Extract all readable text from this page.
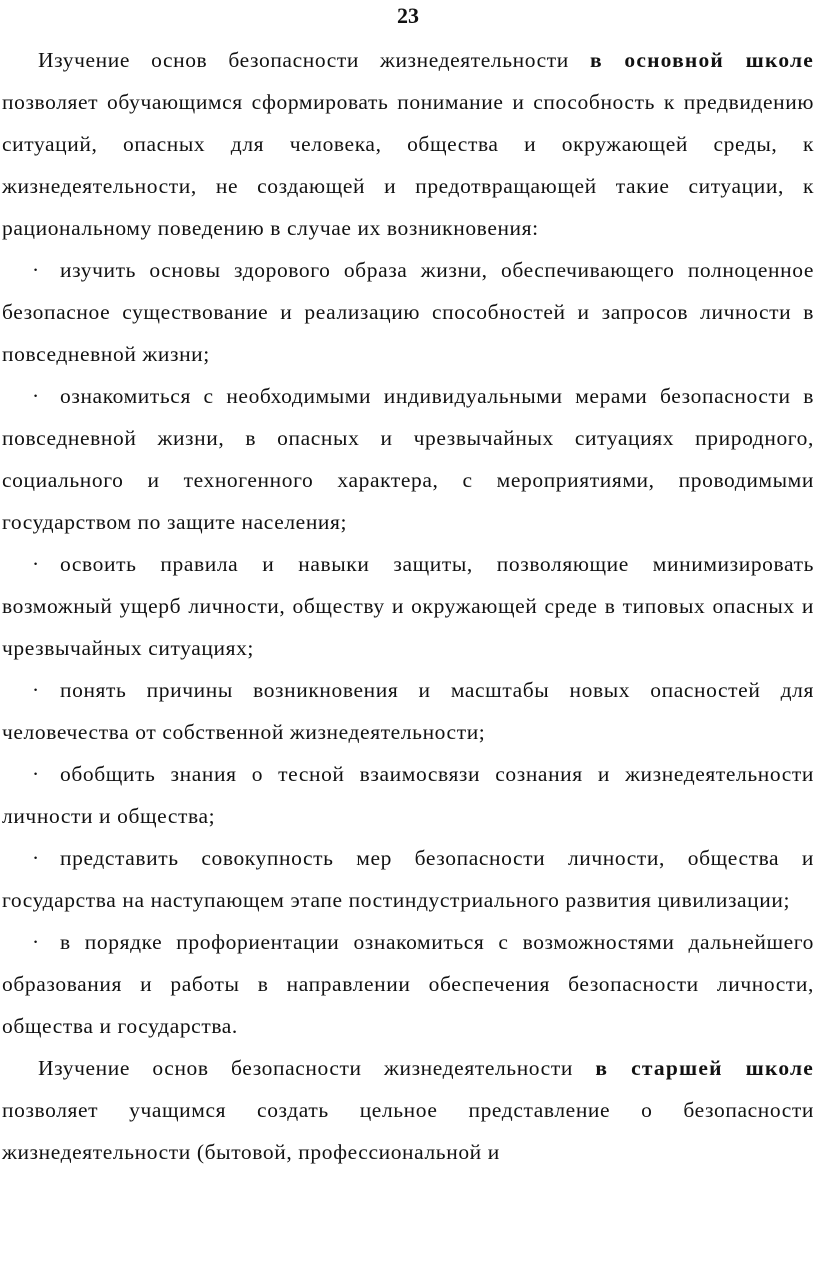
23

Изучение основ безопасности жизнедеятельности в основной школе позволяет обучающимся сформировать понимание и способность к предвидению ситуаций, опасных для человека, общества и окружающей среды, к жизнедеятельности, не создающей и предотвращающей такие ситуации, к рациональному поведению в случае их возникновения:

· изучить основы здорового образа жизни, обеспечивающего полноценное безопасное существование и реализацию способностей и запросов личности в повседневной жизни;

· ознакомиться с необходимыми индивидуальными мерами безопасности в повседневной жизни, в опасных и чрезвычайных ситуациях природного, социального и техногенного характера, с мероприятиями, проводимыми государством по защите населения;

· освоить правила и навыки защиты, позволяющие минимизировать возможный ущерб личности, обществу и окружающей среде в типовых опасных и чрезвычайных ситуациях;

· понять причины возникновения и масштабы новых опасностей для человечества от собственной жизнедеятельности;

· обобщить знания о тесной взаимосвязи сознания и жизнедеятельности личности и общества;

· представить совокупность мер безопасности личности, общества и государства на наступающем этапе постиндустриального развития цивилизации;

· в порядке профориентации ознакомиться с возможностями дальнейшего образования и работы в направлении обеспечения безопасности личности, общества и государства.

Изучение основ безопасности жизнедеятельности в старшей школе позволяет учащимся создать цельное представление о безопасности жизнедеятельности (бытовой, профессиональной и
